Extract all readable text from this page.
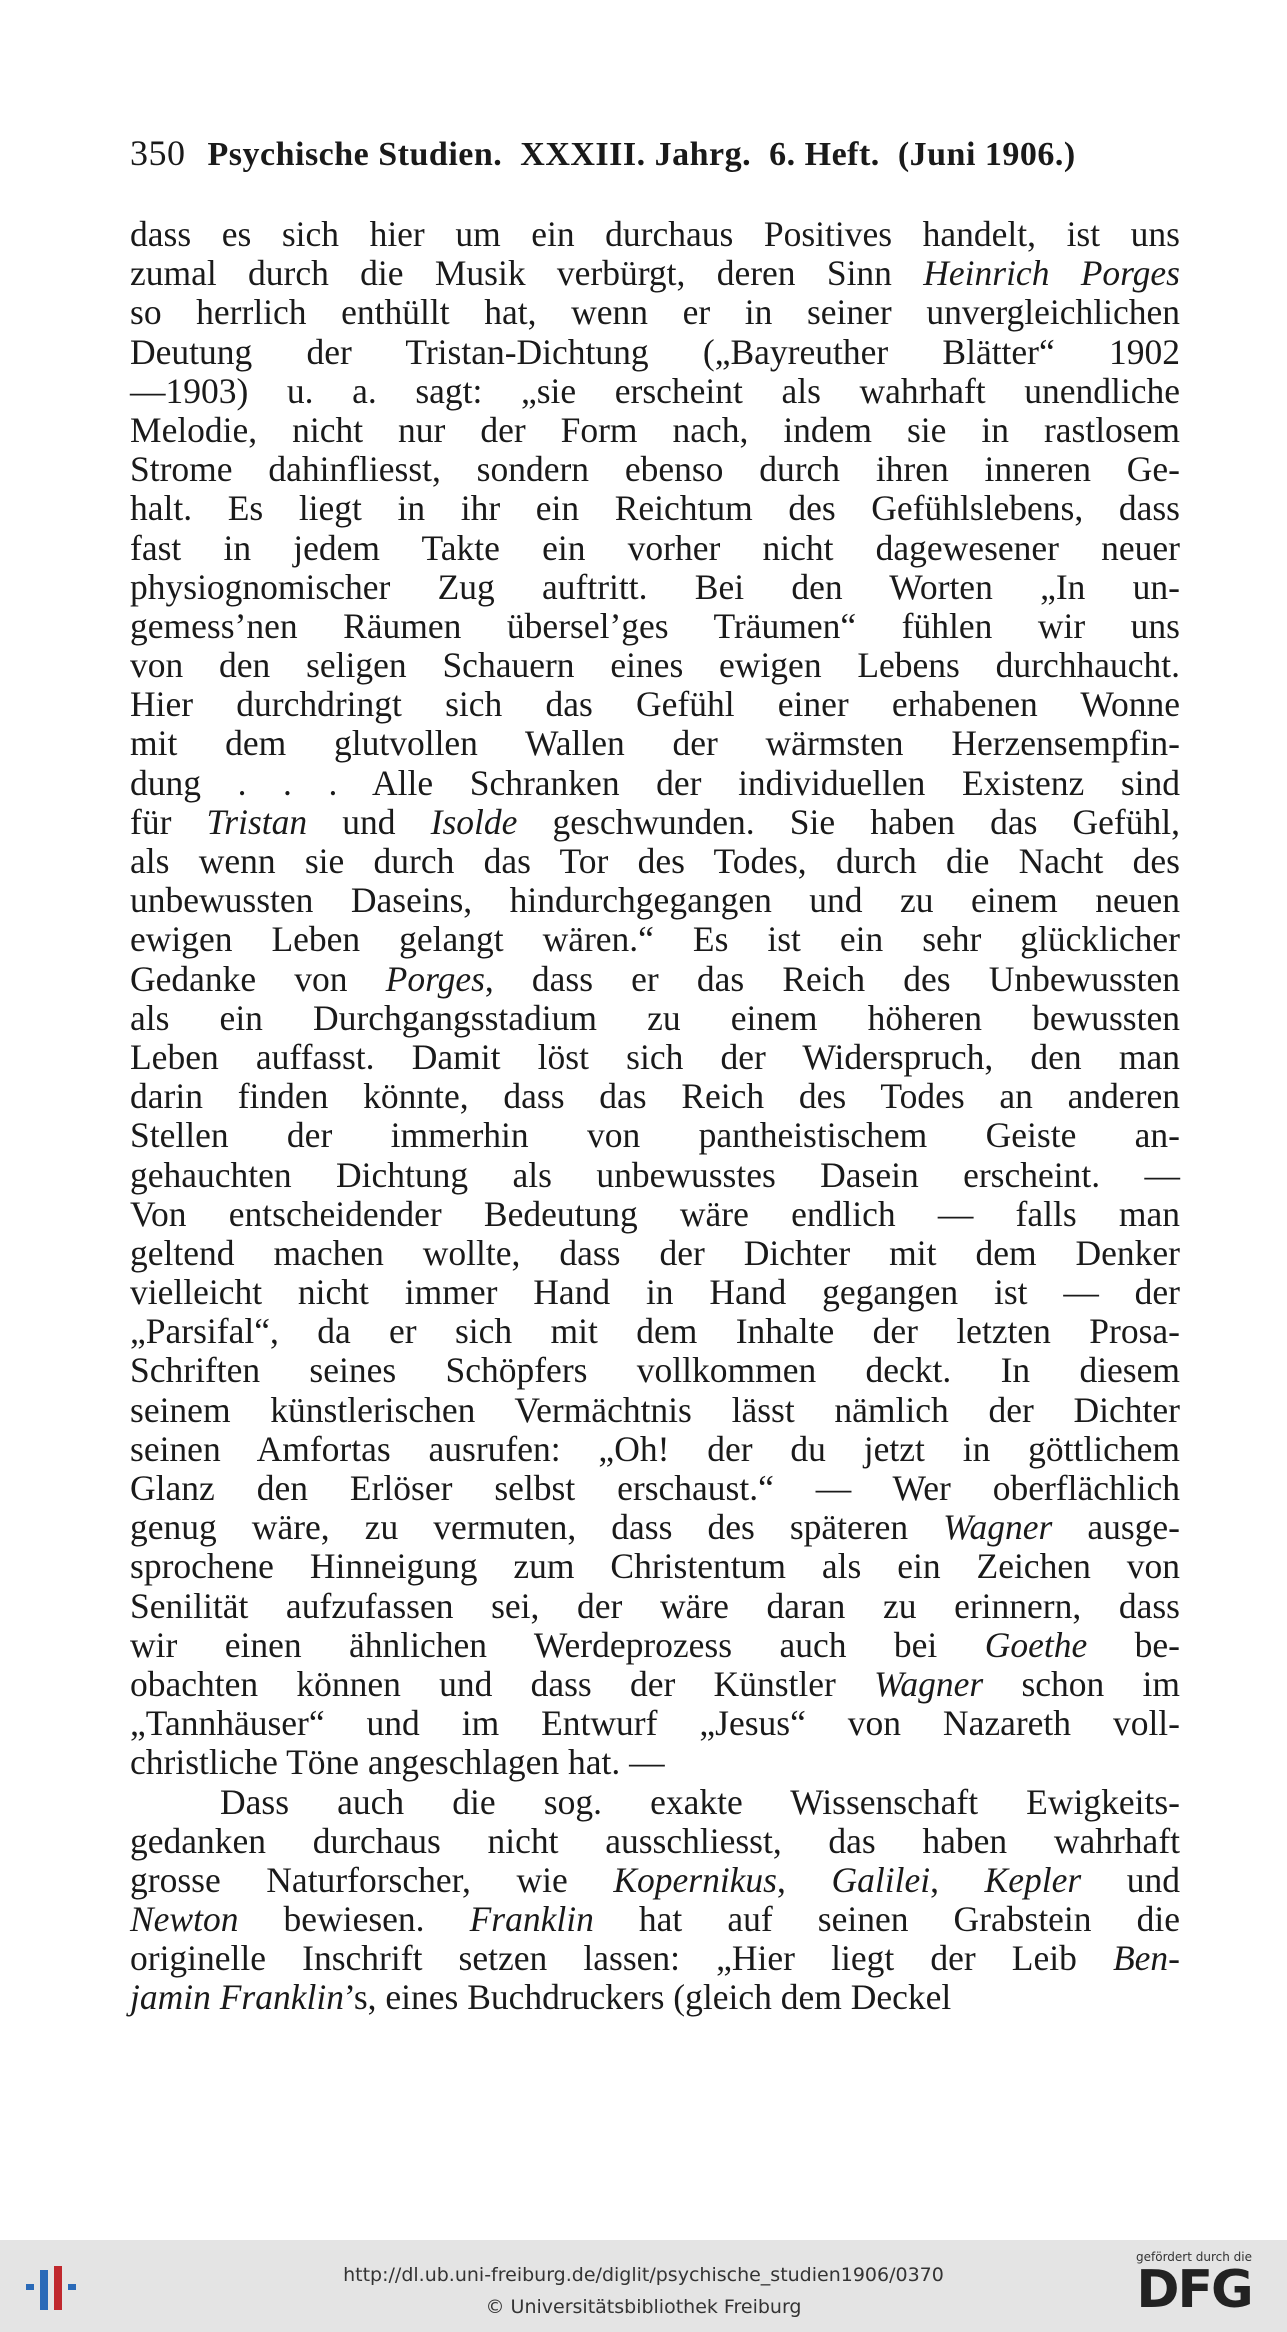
350 Psychische Studien. XXXIII. Jahrg. 6. Heft. (Juni 1906.)
dass es sich hier um ein durchaus Positives handelt, ist uns
zumal durch die Musik verbürgt, deren Sinn Heinrich Porges
so herrlich enthüllt hat, wenn er in seiner unvergleichlichen
Deutung der Tristan-Dichtung („Bayreuther Blätter“ 1902
—1903) u. a. sagt: „sie erscheint als wahrhaft unendliche
Melodie, nicht nur der Form nach, indem sie in rastlosem
Strome dahinfliesst, sondern ebenso durch ihren inneren Ge-
halt. Es liegt in ihr ein Reichtum des Gefühlslebens, dass
fast in jedem Takte ein vorher nicht dagewesener neuer
physiognomischer Zug auftritt. Bei den Worten „In un-
gemess’nen Räumen übersel’ges Träumen“ fühlen wir uns
von den seligen Schauern eines ewigen Lebens durchhaucht.
Hier durchdringt sich das Gefühl einer erhabenen Wonne
mit dem glutvollen Wallen der wärmsten Herzensempfin-
dung . . . Alle Schranken der individuellen Existenz sind
für Tristan und Isolde geschwunden. Sie haben das Gefühl,
als wenn sie durch das Tor des Todes, durch die Nacht des
unbewussten Daseins, hindurchgegangen und zu einem neuen
ewigen Leben gelangt wären.“ Es ist ein sehr glücklicher
Gedanke von Porges, dass er das Reich des Unbewussten
als ein Durchgangsstadium zu einem höheren bewussten
Leben auffasst. Damit löst sich der Widerspruch, den man
darin finden könnte, dass das Reich des Todes an anderen
Stellen der immerhin von pantheistischem Geiste an-
gehauchten Dichtung als unbewusstes Dasein erscheint. —
Von entscheidender Bedeutung wäre endlich — falls man
geltend machen wollte, dass der Dichter mit dem Denker
vielleicht nicht immer Hand in Hand gegangen ist — der
„Parsifal“, da er sich mit dem Inhalte der letzten Prosa-
Schriften seines Schöpfers vollkommen deckt. In diesem
seinem künstlerischen Vermächtnis lässt nämlich der Dichter
seinen Amfortas ausrufen: „Oh! der du jetzt in göttlichem
Glanz den Erlöser selbst erschaust.“ — Wer oberflächlich
genug wäre, zu vermuten, dass des späteren Wagner ausge-
sprochene Hinneigung zum Christentum als ein Zeichen von
Senilität aufzufassen sei, der wäre daran zu erinnern, dass
wir einen ähnlichen Werdeprozess auch bei Goethe be-
obachten können und dass der Künstler Wagner schon im
„Tannhäuser“ und im Entwurf „Jesus“ von Nazareth voll-
christliche Töne angeschlagen hat. —
Dass auch die sog. exakte Wissenschaft Ewigkeits-
gedanken durchaus nicht ausschliesst, das haben wahrhaft
grosse Naturforscher, wie Kopernikus, Galilei, Kepler und
Newton bewiesen. Franklin hat auf seinen Grabstein die
originelle Inschrift setzen lassen: „Hier liegt der Leib Ben-
jamin Franklin’s, eines Buchdruckers (gleich dem Deckel
http://dl.ub.uni-freiburg.de/diglit/psychische_studien1906/0370
© Universitätsbibliothek Freiburg
gefördert durch die
DFG
